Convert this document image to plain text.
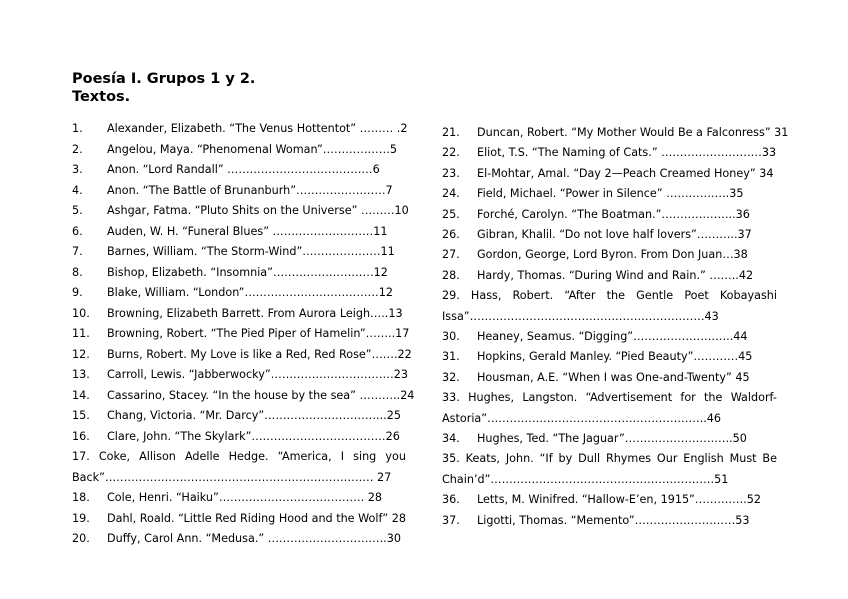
Poesía I. Grupos 1 y 2.
Textos.
1. Alexander, Elizabeth. “The Venus Hottentot” ……… .2
2. Angelou, Maya. “Phenomenal Woman”………………5
3. Anon. “Lord Randall” …………………………………6
4. Anon. “The Battle of Brunanburh”……………………7
5. Ashgar, Fatma. “Pluto Shits on the Universe” ………10
6. Auden, W. H. “Funeral Blues” ………………………11
7. Barnes, William. “The Storm-Wind”…………………11
8. Bishop, Elizabeth. “Insomnia”………………………12
9. Blake, William. “London”………………………………12
10. Browning, Elizabeth Barrett. From Aurora Leigh…..13
11. Browning, Robert. “The Pied Piper of Hamelin”……..17
12. Burns, Robert. My Love is like a Red, Red Rose”…….22
13. Carroll, Lewis. “Jabberwocky”……………………………23
14. Cassarino, Stacey. “In the house by the sea” ………..24
15. Chang, Victoria. “Mr. Darcy”…………………………...25
16. Clare, John. “The Skylark”………………………………26
17. Coke, Allison Adelle Hedge. “America, I sing you
Back”……………………………………………………………… 27
18. Cole, Henri. “Haiku”………………………………… 28
19. Dahl, Roald. “Little Red Riding Hood and the Wolf” 28
20. Duffy, Carol Ann. “Medusa.” …………………………..30
21. Duncan, Robert. “My Mother Would Be a Falconress” 31
22. Eliot, T.S. “The Naming of Cats.” ………………………33
23. El-Mohtar, Amal. “Day 2—Peach Creamed Honey” 34
24. Field, Michael. “Power in Silence” ……………..35
25. Forché, Carolyn. “The Boatman.”………………..36
26. Gibran, Khalil. “Do not love half lovers”………..37
27. Gordon, George, Lord Byron. From Don Juan…38
28. Hardy, Thomas. “During Wind and Rain.” ……..42
29. Hass, Robert. “After the Gentle Poet Kobayashi
Issa”………………………………………………………43
30. Heaney, Seamus. “Digging”……………………...44
31. Hopkins, Gerald Manley. “Pied Beauty”…………45
32. Housman, A.E. “When I was One-and-Twenty” 45
33. Hughes, Langston. “Advertisement for the Waldorf-
Astoria”…………………………………………………..46
34. Hughes, Ted. “The Jaguar”………………………..50
35. Keats, John. “If by Dull Rhymes Our English Must Be
Chain’d”……………………………………………………51
36. Letts, M. Winifred. “Hallow-E’en, 1915”…………..52
37. Ligotti, Thomas. “Memento”………………………53
